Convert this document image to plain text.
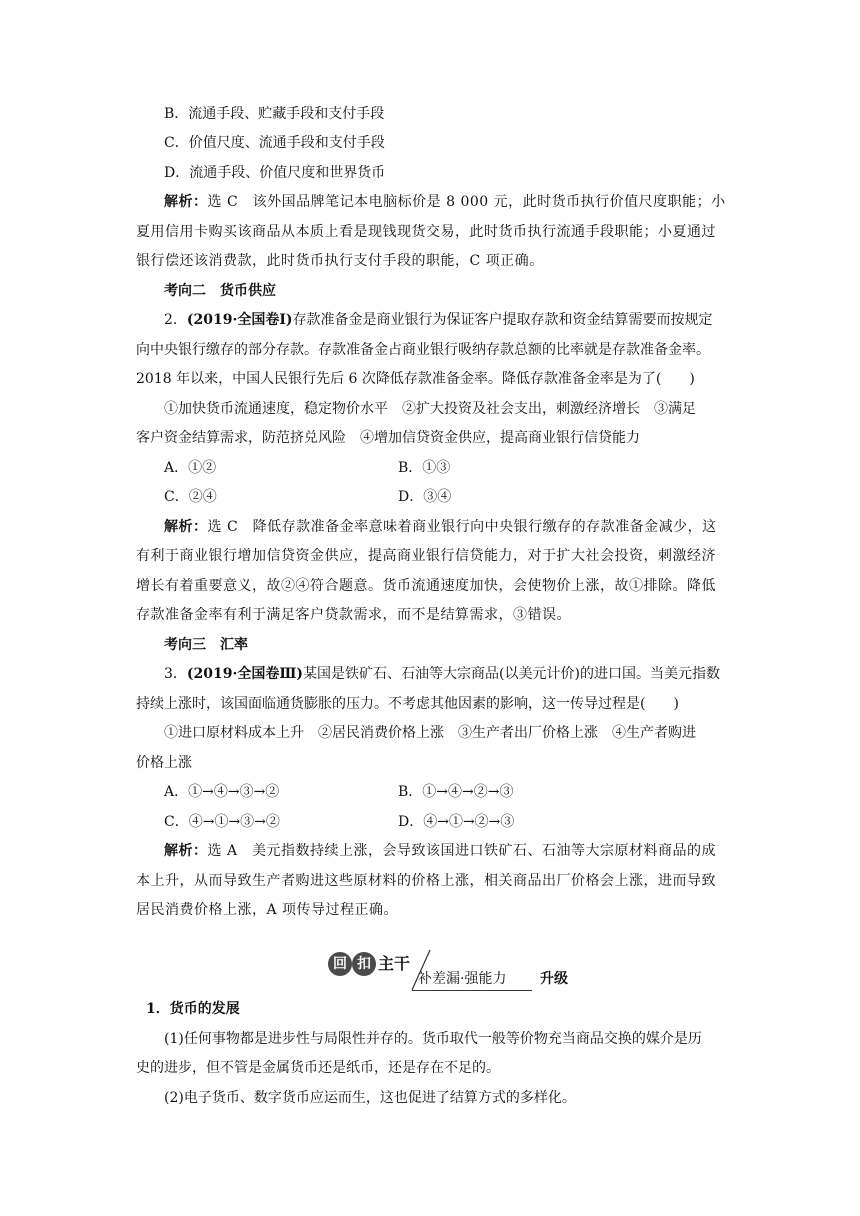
B．流通手段、贮藏手段和支付手段
C．价值尺度、流通手段和支付手段
D．流通手段、价值尺度和世界货币
解析：选 C　该外国品牌笔记本电脑标价是 8 000 元，此时货币执行价值尺度职能；小
夏用信用卡购买该商品从本质上看是现钱现货交易，此时货币执行流通手段职能；小夏通过
银行偿还该消费款，此时货币执行支付手段的职能，C 项正确。
考向二　货币供应
2．(2019·全国卷Ⅰ)存款准备金是商业银行为保证客户提取存款和资金结算需要而按规定
向中央银行缴存的部分存款。存款准备金占商业银行吸纳存款总额的比率就是存款准备金率。
2018 年以来，中国人民银行先后 6 次降低存款准备金率。降低存款准备金率是为了(　　)
①加快货币流通速度，稳定物价水平　②扩大投资及社会支出，刺激经济增长　③满足
客户资金结算需求，防范挤兑风险　④增加信贷资金供应，提高商业银行信贷能力
A．①②	B．①③
C．②④	D．③④
解析：选 C　降低存款准备金率意味着商业银行向中央银行缴存的存款准备金减少，这
有利于商业银行增加信贷资金供应，提高商业银行信贷能力，对于扩大社会投资，刺激经济
增长有着重要意义，故②④符合题意。货币流通速度加快，会使物价上涨，故①排除。降低
存款准备金率有利于满足客户贷款需求，而不是结算需求，③错误。
考向三　汇率
3．(2019·全国卷Ⅲ)某国是铁矿石、石油等大宗商品(以美元计价)的进口国。当美元指数
持续上涨时，该国面临通货膨胀的压力。不考虑其他因素的影响，这一传导过程是(　　)
①进口原材料成本上升　②居民消费价格上涨　③生产者出厂价格上涨　④生产者购进
价格上涨
A．①→④→③→②	B．①→④→②→③
C．④→①→③→②	D．④→①→②→③
解析：选 A　美元指数持续上涨，会导致该国进口铁矿石、石油等大宗原材料商品的成
本上升，从而导致生产者购进这些原材料的价格上涨，相关商品出厂价格会上涨，进而导致
居民消费价格上涨，A 项传导过程正确。
回 扣 主干
补差漏·强能力 升级
1．货币的发展
(1)任何事物都是进步性与局限性并存的。货币取代一般等价物充当商品交换的媒介是历
史的进步，但不管是金属货币还是纸币，还是存在不足的。
(2)电子货币、数字货币应运而生，这也促进了结算方式的多样化。
